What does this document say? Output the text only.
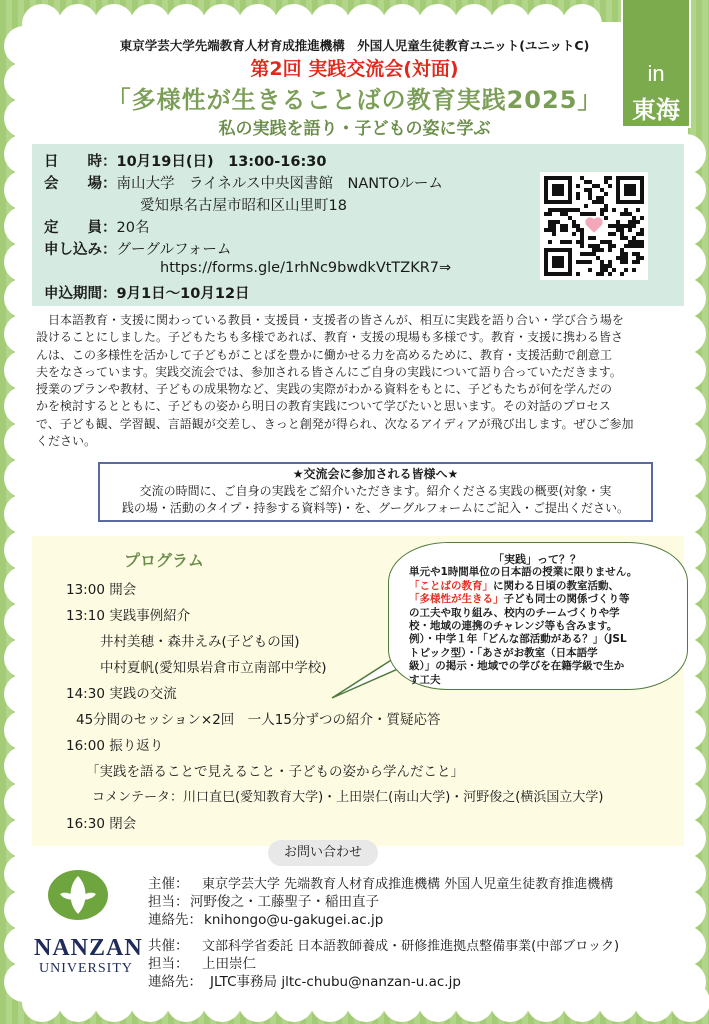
in
東海
東京学芸大学先端教育人材育成推進機構　外国人児童生徒教育ユニット(ユニットC)
第2回 実践交流会(対面)
「多様性が生きることばの教育実践2025」
私の実践を語り・子どもの姿に学ぶ
日　　時：10月19日(日)　13:00-16:30
会　　場：南山大学　ライネルス中央図書館　NANTOルーム
愛知県名古屋市昭和区山里町18
定　　員：20名
申し込み：グーグルフォーム
https://forms.gle/1rhNc9bwdkVtTZKR7⇒
申込期間：9月1日〜10月12日
　日本語教育・支援に関わっている教員・支援員・支援者の皆さんが、相互に実践を語り合い・学び合う場を
設けることにしました。子どもたちも多様であれば、教育・支援の現場も多様です。教育・支援に携わる皆さ
んは、この多様性を活かして子どもがことばを豊かに働かせる力を高めるために、教育・支援活動で創意工
夫をなさっています。実践交流会では、参加される皆さんにご自身の実践について語り合っていただきます。
授業のプランや教材、子どもの成果物など、実践の実際がわかる資料をもとに、子どもたちが何を学んだの
かを検討するとともに、子どもの姿から明日の教育実践について学びたいと思います。その対話のプロセス
で、子ども観、学習観、言語観が交差し、きっと創発が得られ、次なるアイディアが飛び出します。ぜひご参加
ください。
★交流会に参加される皆様へ★
交流の時間に、ご自身の実践をご紹介いただきます。紹介くださる実践の概要(対象・実
践の場・活動のタイプ・持参する資料等)・を、グーグルフォームにご記入・ご提出ください。
プログラム
13:00 開会
13:10 実践事例紹介
井村美穂・森井えみ(子どもの国)
中村夏帆(愛知県岩倉市立南部中学校)
14:30 実践の交流
45分間のセッション×2回　一人15分ずつの紹介・質疑応答
16:00 振り返り
「実践を語ることで見えること・子どもの姿から学んだこと」
コメンテータ：川口直巳(愛知教育大学)・上田崇仁(南山大学)・河野俊之(横浜国立大学)
16:30 閉会
「実践」って？？
単元や1時間単位の日本語の授業に限りません。
「ことばの教育」に関わる日頃の教室活動、
「多様性が生きる」子ども同士の関係づくり等
の工夫や取り組み、校内のチームづくりや学
校・地域の連携のチャレンジ等も含みます。
例）・中学１年「どんな部活動がある？」（JSL
トピック型）・「あさがお教室（日本語学
級）」の掲示・地域での学びを在籍学級で生か
す工夫
お問い合わせ
NANZAN
UNIVERSITY
主催： 東京学芸大学 先端教育人材育成推進機構 外国人児童生徒教育推進機構
担当： 河野俊之・工藤聖子・稲田直子
連絡先： knihongo@u-gakugei.ac.jp
共催： 文部科学省委託 日本語教師養成・研修推進拠点整備事業(中部ブロック)
担当： 上田崇仁
連絡先： JLTC事務局 jltc-chubu@nanzan-u.ac.jp
